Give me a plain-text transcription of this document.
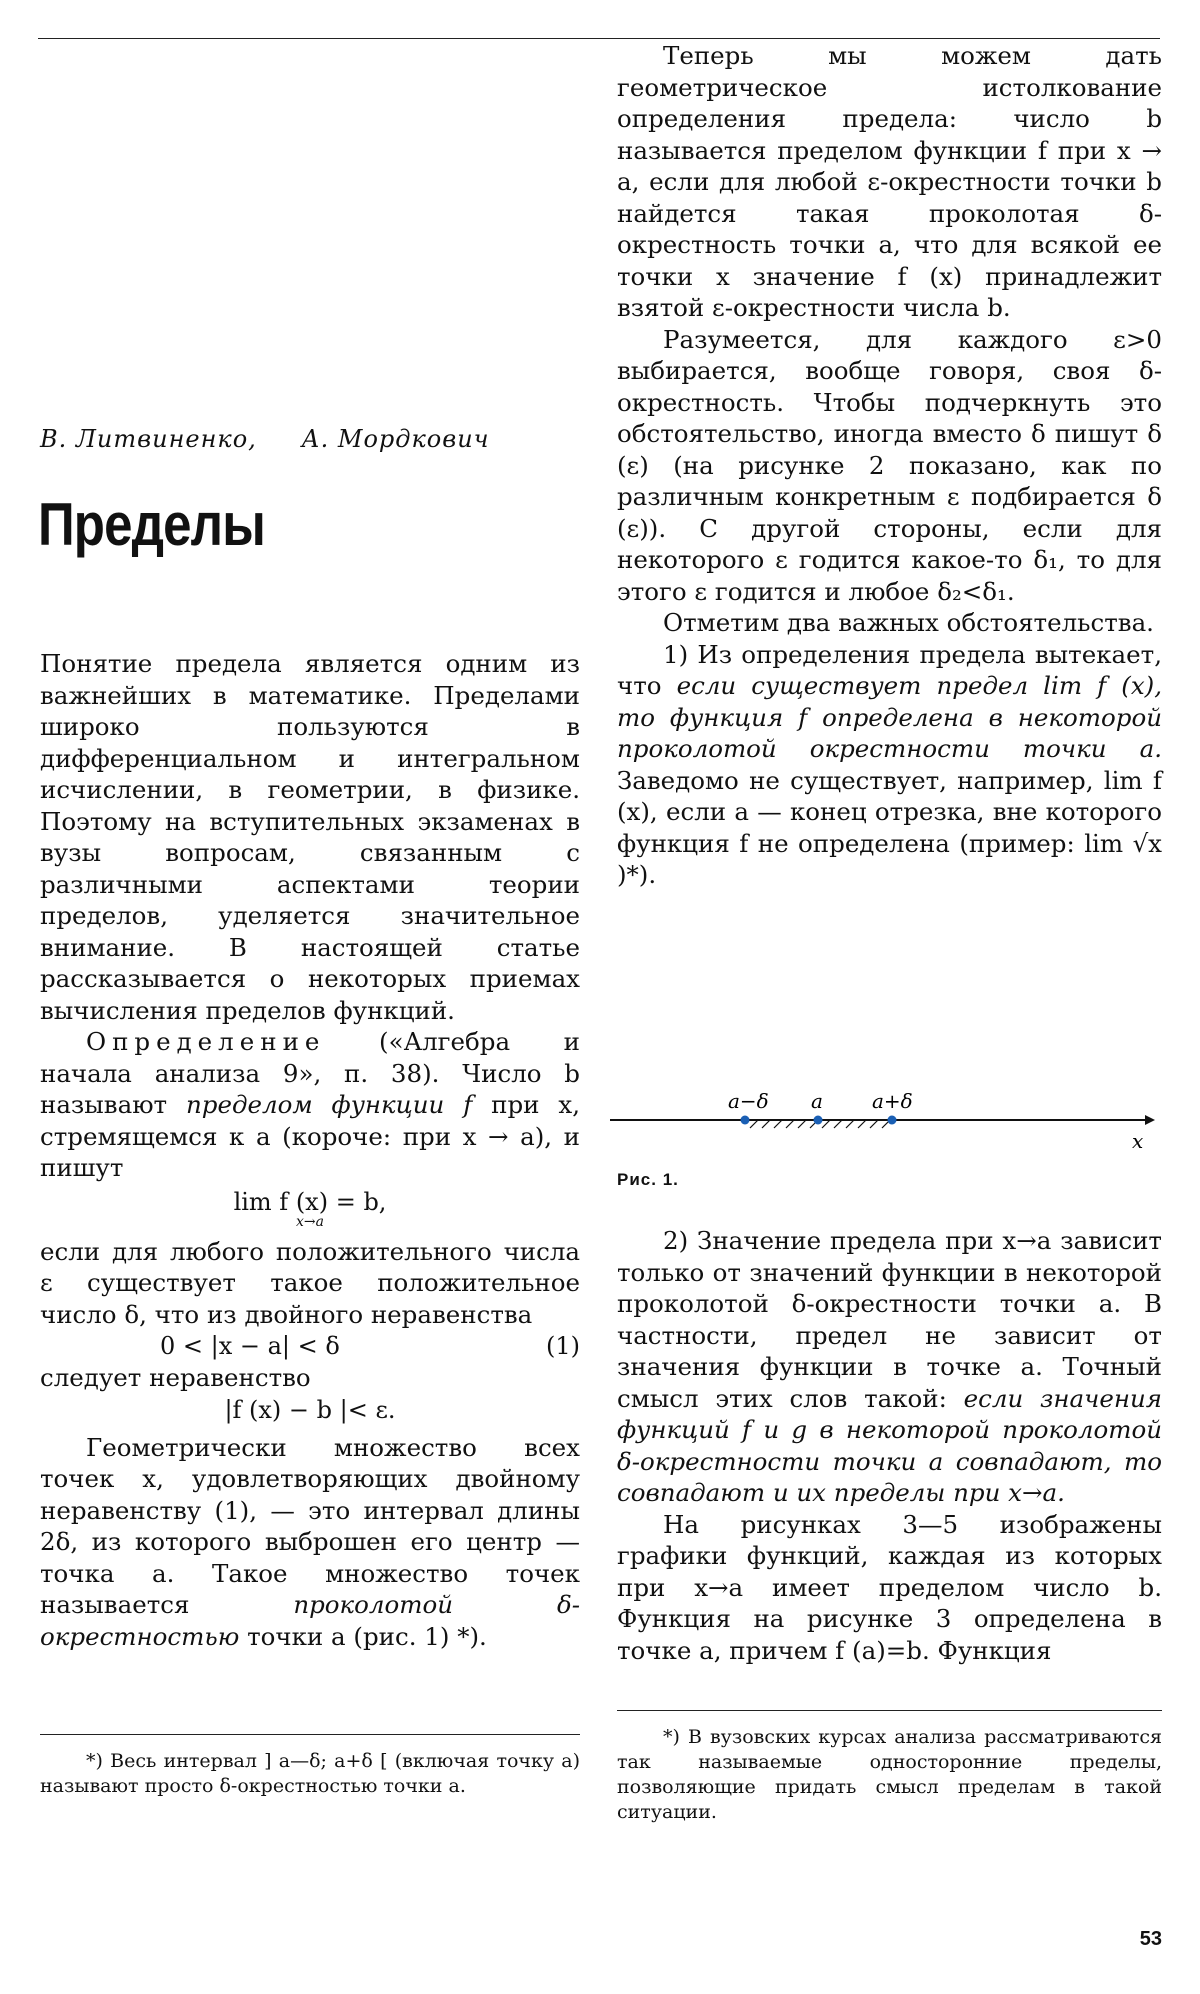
В. Литвиненко, А. Мордкович
Пределы

Понятие предела является одним из важнейших в математике. Пределами широко пользуются в дифференциальном и интегральном исчислении, в геометрии, в физике. Поэтому на вступительных экзаменах в вузы вопросам, связанным с различными аспектами теории пределов, уделяется значительное внимание. В настоящей статье рассказывается о некоторых приемах вычисления пределов функций.

Определение («Алгебра и начала анализа 9», п. 38). Число b называют пределом функции f при x, стремящемся к a (короче: при x → a), и пишут

lim f (x) = b,
x→a

если для любого положительного числа ε существует такое положительное число δ, что из двойного неравенства

0 < |x − a| < δ	(1)

следует неравенство

|f (x) − b |< ε.

Геометрически множество всех точек x, удовлетворяющих двойному неравенству (1), — это интервал длины 2δ, из которого выброшен его центр — точка a. Такое множество точек называется	проколотой δ-окрестностью точки a (рис. 1) *).

*) Весь интервал ] a—δ; a+δ [ (включая точку a) называют просто δ-окрестностью точки a.

Теперь мы можем дать геометрическое истолкование определения предела: число b называется пределом функции f при x → a, если для любой ε-окрестности точки b найдется такая проколотая δ-окрестность точки a, что для всякой ее точки x значение f (x) принадлежит взятой ε-окрестности числа b.

Разумеется, для каждого ε>0 выбирается, вообще говоря, своя δ-окрестность. Чтобы подчеркнуть это обстоятельство, иногда вместо δ пишут δ (ε) (на рисунке 2 показано, как по различным конкретным ε подбирается δ (ε)). С другой стороны, если для некоторого ε годится какое-то δ₁, то для этого ε годится и любое δ₂<δ₁.

Отметим два важных обстоятельства.

1) Из определения предела вытекает, что если существует предел lim f (x), то функция f определена в некоторой проколотой окрестности точки a. Заведомо не существует, например, lim f (x), если a — конец отрезка, вне которого функция f не определена (пример: lim √x )*).

a−δ a a+δ
x
Рис. 1.

2) Значение предела при x→a зависит только от значений функции в некоторой проколотой δ-окрестности точки a. В частности, предел не зависит от значения функции в точке a. Точный смысл этих слов такой: если значения функций f и g в некоторой проколотой δ-окрестности точки a совпадают, то совпадают и их пределы при x→a.

На рисунках 3—5 изображены графики функций, каждая из которых при x→a имеет пределом число b. Функция на рисунке 3 определена в точке a, причем f (a)=b. Функция

*) В вузовских курсах анализа рассматриваются так называемые односторонние пределы, позволяющие придать смысл пределам в такой ситуации.

53
